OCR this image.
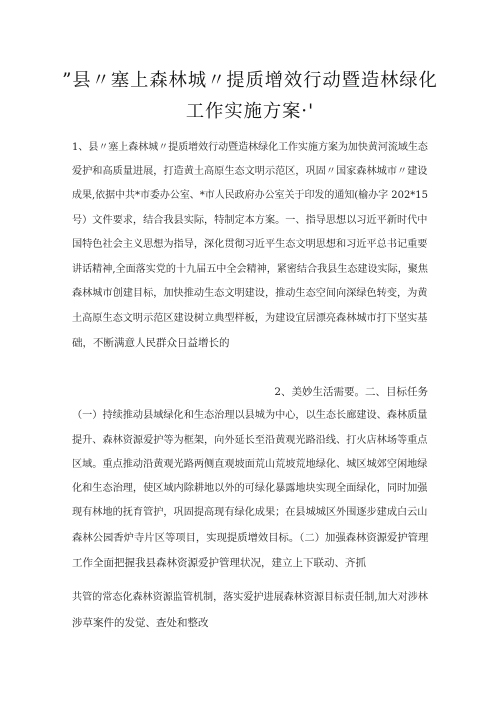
”县〃塞上森林城〃提质增效行动暨造林绿化
工作实施方案·'
1、县〃塞上森林城〃提质增效行动暨造林绿化工作实施方案为加快黄河流域生态
爱护和高质量进展，打造黄土高原生态文明示范区，巩固〃国家森林城市〃建设
成果,依据中共*市委办公室、*市人民政府办公室关于印发的通知(榆办字 202*15
号）文件要求，结合我县实际，特制定本方案。一、指导思想以习近平新时代中
国特色社会主义思想为指导，深化贯彻习近平生态文明思想和习近平总书记重要
讲话精神,全面落实党的十九届五中全会精神，紧密结合我县生态建设实际，聚焦
森林城市创建目标，加快推动生态文明建设，推动生态空间向深绿色转变，为黄
土高原生态文明示范区建设树立典型样板，为建设宜居漂亮森林城市打下坚实基
础，不断满意人民群众日益增长的
2、美妙生活需要。二、目标任务
（一）持续推动县域绿化和生态治理以县城为中心，以生态长廊建设、森林质量
提升、森林资源爱护等为框架，向外延长至沿黄观光路沿线、打火店林场等重点
区域。重点推动沿黄观光路两侧直观坡面荒山荒坡荒地绿化、城区城郊空闲地绿
化和生态治理，使区域内除耕地以外的可绿化暴露地块实现全面绿化，同时加强
现有林地的抚育管护，巩固提高现有绿化成果；在县城城区外围逐步建成白云山
森林公园香炉寺片区等项目，实现提质增效目标。（二）加强森林资源爱护管理
工作全面把握我县森林资源爱护管理状况，建立上下联动、齐抓
共管的常态化森林资源监管机制，落实爱护进展森林资源目标责任制,加大对涉林
涉草案件的发觉、查处和整改
